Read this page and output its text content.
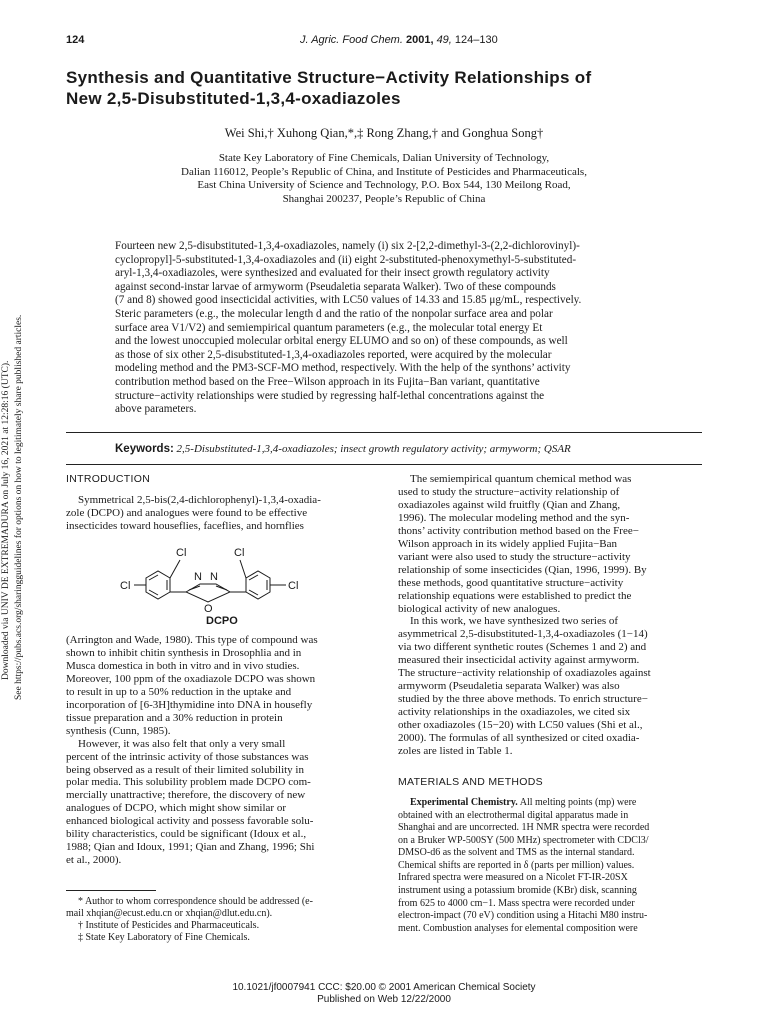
124	J. Agric. Food Chem. 2001, 49, 124–130
Synthesis and Quantitative Structure−Activity Relationships of
New 2,5-Disubstituted-1,3,4-oxadiazoles
Wei Shi,† Xuhong Qian,*,‡ Rong Zhang,† and Gonghua Song†
State Key Laboratory of Fine Chemicals, Dalian University of Technology,
Dalian 116012, People’s Republic of China, and Institute of Pesticides and Pharmaceuticals,
East China University of Science and Technology, P.O. Box 544, 130 Meilong Road,
Shanghai 200237, People’s Republic of China
Fourteen new 2,5-disubstituted-1,3,4-oxadiazoles, namely (i) six 2-[2,2-dimethyl-3-(2,2-dichlorovinyl)-
cyclopropyl]-5-substituted-1,3,4-oxadiazoles and (ii) eight 2-substituted-phenoxymethyl-5-substituted-
aryl-1,3,4-oxadiazoles, were synthesized and evaluated for their insect growth regulatory activity
against second-instar larvae of armyworm (Pseudaletia separata Walker). Two of these compounds
(7 and 8) showed good insecticidal activities, with LC50 values of 14.33 and 15.85 μg/mL, respectively.
Steric parameters (e.g., the molecular length d and the ratio of the nonpolar surface area and polar
surface area V1/V2) and semiempirical quantum parameters (e.g., the molecular total energy Et
and the lowest unoccupied molecular orbital energy ELUMO and so on) of these compounds, as well
as those of six other 2,5-disubstituted-1,3,4-oxadiazoles reported, were acquired by the molecular
modeling method and the PM3-SCF-MO method, respectively. With the help of the synthons’ activity
contribution method based on the Free−Wilson approach in its Fujita−Ban variant, quantitative
structure−activity relationships were studied by regressing half-lethal concentrations against the
above parameters.
Keywords: 2,5-Disubstituted-1,3,4-oxadiazoles; insect growth regulatory activity; armyworm; QSAR
INTRODUCTION
Symmetrical 2,5-bis(2,4-dichlorophenyl)-1,3,4-oxadia-
zole (DCPO) and analogues were found to be effective
insecticides toward houseflies, faceflies, and hornflies
Cl
Cl	Cl
Cl
N N
O
DCPO
(Arrington and Wade, 1980). This type of compound was
shown to inhibit chitin synthesis in Drosophlia and in
Musca domestica in both in vitro and in vivo studies.
Moreover, 100 ppm of the oxadiazole DCPO was shown
to result in up to a 50% reduction in the uptake and
incorporation of [6-3H]thymidine into DNA in housefly
tissue preparation and a 30% reduction in protein
synthesis (Cunn, 1985).
However, it was also felt that only a very small
percent of the intrinsic activity of those substances was
being observed as a result of their limited solubility in
polar media. This solubility problem made DCPO com-
mercially unattractive; therefore, the discovery of new
analogues of DCPO, which might show similar or
enhanced biological activity and possess favorable solu-
bility characteristics, could be significant (Idoux et al.,
1988; Qian and Idoux, 1991; Qian and Zhang, 1996; Shi
et al., 2000).
* Author to whom correspondence should be addressed (e-
mail xhqian@ecust.edu.cn or xhqian@dlut.edu.cn).
† Institute of Pesticides and Pharmaceuticals.
‡ State Key Laboratory of Fine Chemicals.
The semiempirical quantum chemical method was
used to study the structure−activity relationship of
oxadiazoles against wild fruitfly (Qian and Zhang,
1996). The molecular modeling method and the syn-
thons’ activity contribution method based on the Free−
Wilson approach in its widely applied Fujita−Ban
variant were also used to study the structure−activity
relationship of some insecticides (Qian, 1996, 1999). By
these methods, good quantitative structure−activity
relationship equations were established to predict the
biological activity of new analogues.
In this work, we have synthesized two series of
asymmetrical 2,5-disubstituted-1,3,4-oxadiazoles (1−14)
via two different synthetic routes (Schemes 1 and 2) and
measured their insecticidal activity against armyworm.
The structure−activity relationship of oxadiazoles against
armyworm (Pseudaletia separata Walker) was also
studied by the three above methods. To enrich structure−
activity relationships in the oxadiazoles, we cited six
other oxadiazoles (15−20) with LC50 values (Shi et al.,
2000). The formulas of all synthesized or cited oxadia-
zoles are listed in Table 1.
MATERIALS AND METHODS
Experimental Chemistry. All melting points (mp) were
obtained with an electrothermal digital apparatus made in
Shanghai and are uncorrected. 1H NMR spectra were recorded
on a Bruker WP-500SY (500 MHz) spectrometer with CDCl3/
DMSO-d6 as the solvent and TMS as the internal standard.
Chemical shifts are reported in δ (parts per million) values.
Infrared spectra were measured on a Nicolet FT-IR-20SX
instrument using a potassium bromide (KBr) disk, scanning
from 625 to 4000 cm−1. Mass spectra were recorded under
electron-impact (70 eV) condition using a Hitachi M80 instru-
ment. Combustion analyses for elemental composition were
Downloaded via UNIV DE EXTREMADURA on July 16, 2021 at 12:28:16 (UTC). See https://pubs.acs.org/sharingguidelines for options on how to legitimately share published articles.
10.1021/jf0007941 CCC: $20.00 © 2001 American Chemical Society
Published on Web 12/22/2000
